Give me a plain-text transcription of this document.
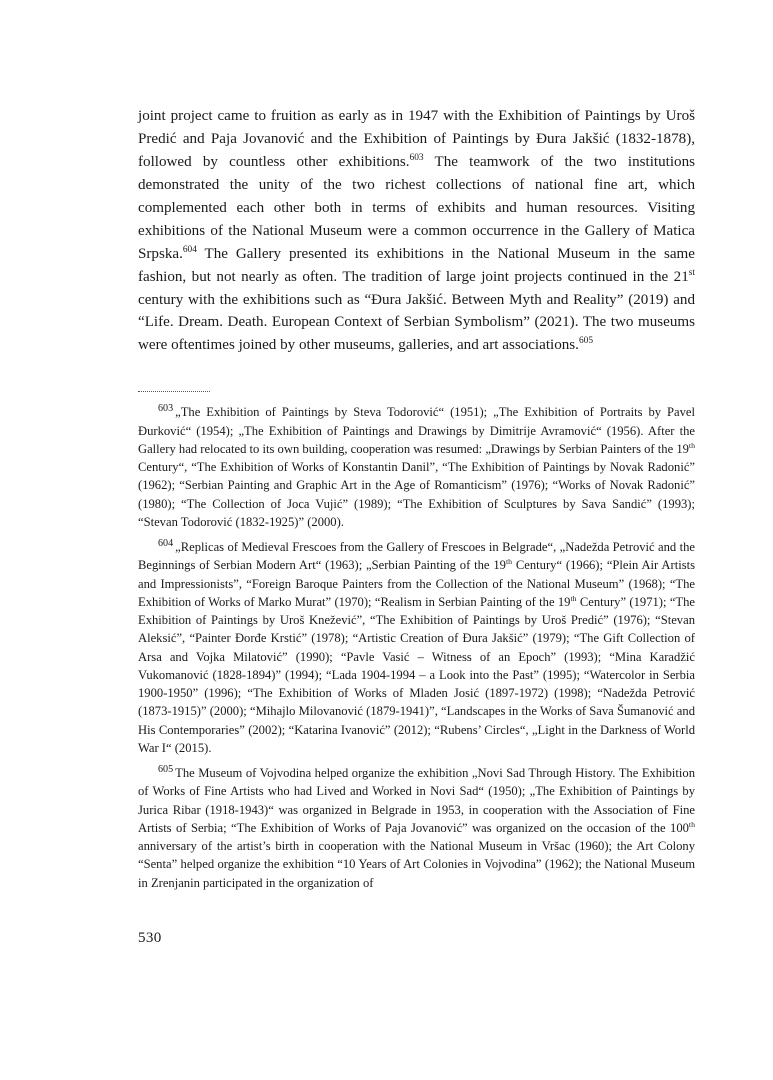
joint project came to fruition as early as in 1947 with the Exhibition of Paintings by Uroš Predić and Paja Jovanović and the Exhibition of Paintings by Đura Jakšić (1832-1878), followed by countless other exhibitions.$^{603}$ The teamwork of the two institutions demonstrated the unity of the two richest collections of national fine art, which complemented each other both in terms of exhibits and human resources. Visiting exhibitions of the National Museum were a common occurrence in the Gallery of Matica Srpska.$^{604}$ The Gallery presented its exhibitions in the National Museum in the same fashion, but not nearly as often. The tradition of large joint projects continued in the 21st century with the exhibitions such as “Đura Jakšić. Between Myth and Reality” (2019) and “Life. Dream. Death. European Context of Serbian Symbolism” (2021). The two museums were oftentimes joined by other museums, galleries, and art associations.$^{605}$

$^{603}$ „The Exhibition of Paintings by Steva Todorović“ (1951); „The Exhibition of Portraits by Pavel Đurković“ (1954); „The Exhibition of Paintings and Drawings by Dimitrije Avramović“ (1956). After the Gallery had relocated to its own building, cooperation was resumed: „Drawings by Serbian Painters of the 19th Century“, “The Exhibition of Works of Konstantin Danil”, “The Exhibition of Paintings by Novak Radonić” (1962); “Serbian Painting and Graphic Art in the Age of Romanticism” (1976); “Works of Novak Radonić” (1980); “The Collection of Joca Vujić” (1989); “The Exhibition of Sculptures by Sava Sandić” (1993); “Stevan Todorović (1832-1925)” (2000).

$^{604}$ „Replicas of Medieval Frescoes from the Gallery of Frescoes in Belgrade“, „Nadežda Petrović and the Beginnings of Serbian Modern Art“ (1963); „Serbian Painting of the 19th Century“ (1966); “Plein Air Artists and Impressionists”, “Foreign Baroque Painters from the Collection of the National Museum” (1968); “The Exhibition of Works of Marko Murat” (1970); “Realism in Serbian Painting of the 19th Century” (1971); “The Exhibition of Paintings by Uroš Knežević”, “The Exhibition of Paintings by Uroš Predić” (1976); “Stevan Aleksić”, “Painter Đorđe Krstić” (1978); “Artistic Creation of Đura Jakšić” (1979); “The Gift Collection of Arsa and Vojka Milatović” (1990); “Pavle Vasić – Witness of an Epoch” (1993); “Mina Karadžić Vukomanović (1828-1894)” (1994); “Lada 1904-1994 – a Look into the Past” (1995); “Watercolor in Serbia 1900-1950” (1996); “The Exhibition of Works of Mladen Josić (1897-1972) (1998); “Nadežda Petrović (1873-1915)” (2000); “Mihajlo Milovanović (1879-1941)”, “Landscapes in the Works of Sava Šumanović and His Contemporaries” (2002); “Katarina Ivanović” (2012); “Rubens’ Circles“, „Light in the Darkness of World War I“ (2015).

$^{605}$ The Museum of Vojvodina helped organize the exhibition „Novi Sad Through History. The Exhibition of Works of Fine Artists who had Lived and Worked in Novi Sad“ (1950); „The Exhibition of Paintings by Jurica Ribar (1918-1943)“ was organized in Belgrade in 1953, in cooperation with the Association of Fine Artists of Serbia; “The Exhibition of Works of Paja Jovanović” was organized on the occasion of the 100th anniversary of the artist’s birth in cooperation with the National Museum in Vršac (1960); the Art Colony “Senta” helped organize the exhibition “10 Years of Art Colonies in Vojvodina” (1962); the National Museum in Zrenjanin participated in the organization of

530
